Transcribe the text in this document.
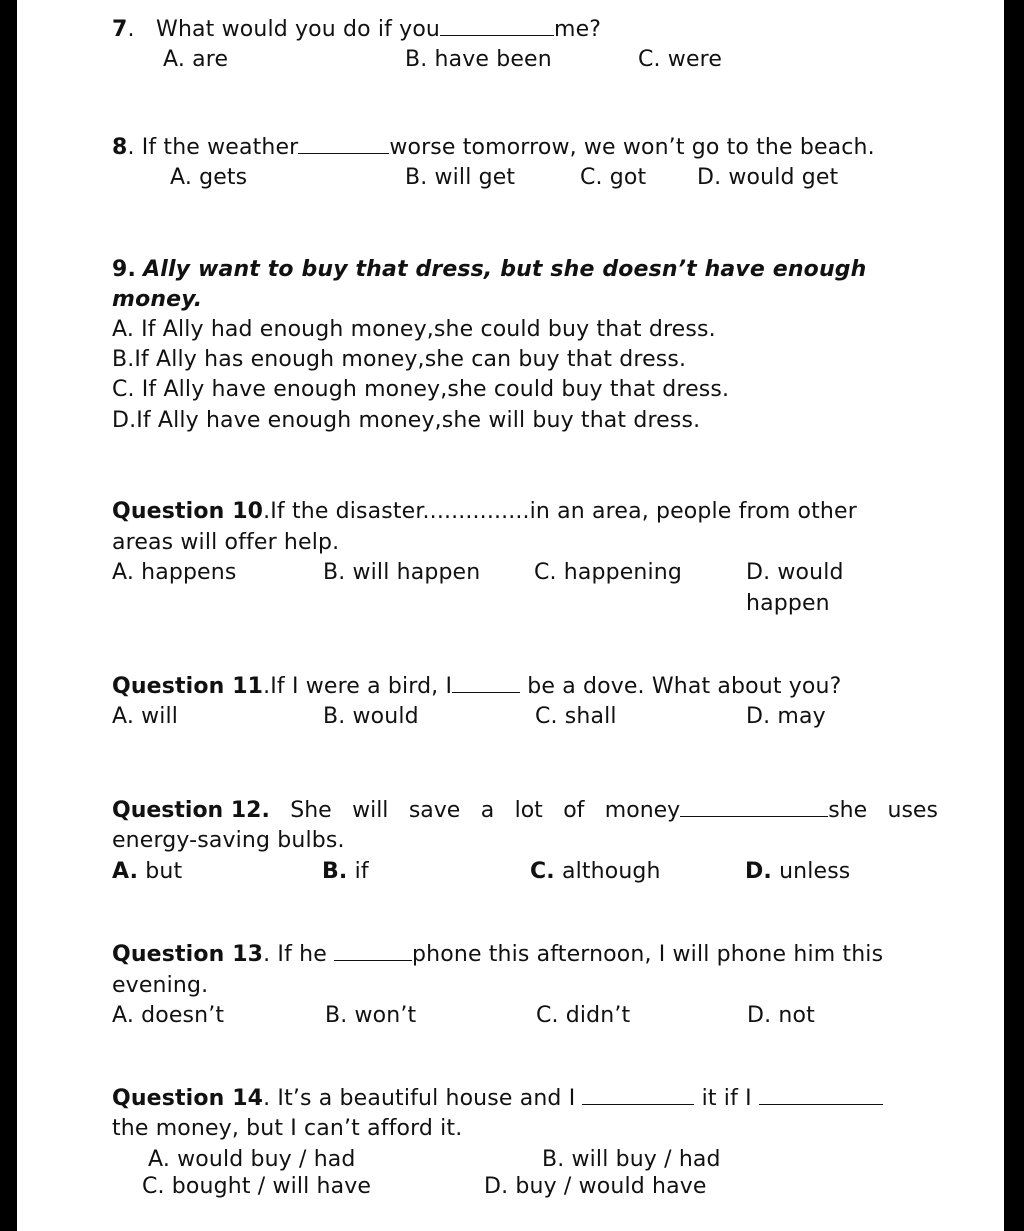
7.   What would you do if you	me?
A. are	B. have been	C. were
8. If the weather	worse tomorrow, we won’t go to the beach.
A. gets	B. will get	C. got D. would get
9. Ally want to buy that dress, but she doesn’t have enough
money.
A. If Ally had enough money,she could buy that dress.
B.If Ally has enough money,she can buy that dress.
C. If Ally have enough money,she could buy that dress.
D.If Ally have enough money,she will buy that dress.
Question 10.If the disaster...............in an area, people from other
areas will offer help.
A. happens	B. will happen C. happening	D. would
happen
Question 11.If I were a bird, I	be a dove. What about you?
A. will	B. would	C. shall	D. may
Question 12. She will save a lot of money	she uses
energy-saving bulbs.
A. but	B. if	C. although	D. unless
Question 13. If he	phone this afternoon, I will phone him this
evening.
A. doesn’t	B. won’t	C. didn’t	D. not
Question 14. It’s a beautiful house and I	it if I
the money, but I can’t afford it.
A. would buy / had	B. will buy / had
C. bought / will have	D. buy / would have
